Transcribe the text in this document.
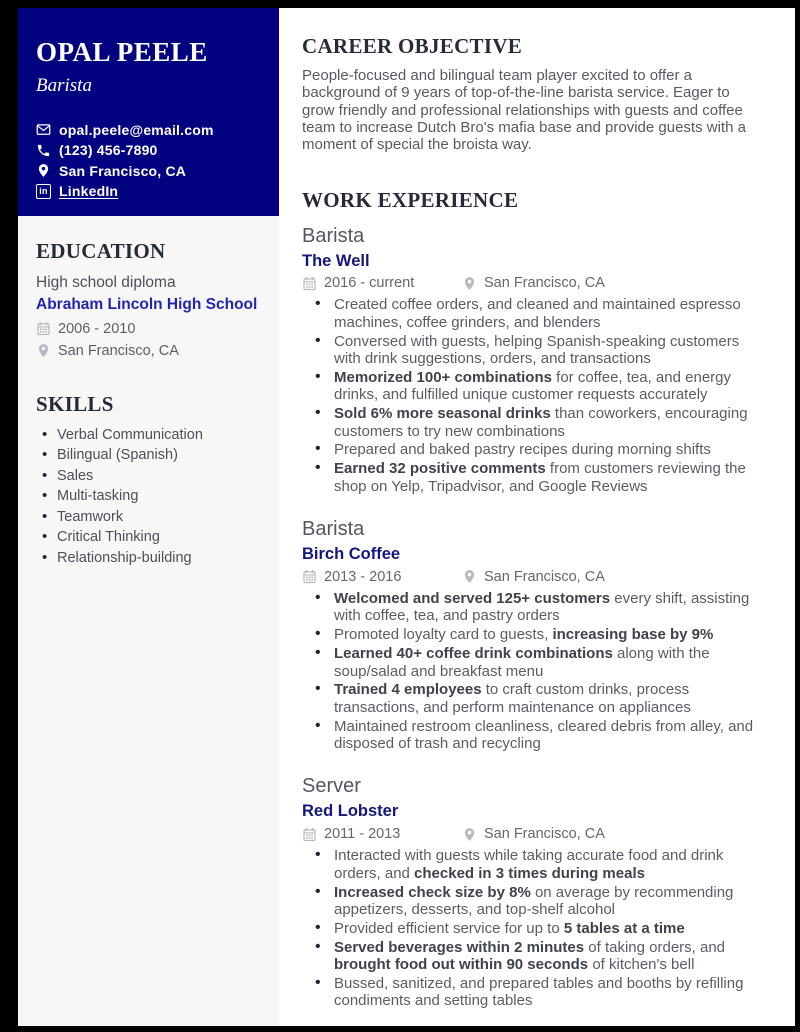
OPAL PEELE
Barista
opal.peele@email.com
(123) 456-7890
San Francisco, CA
in LinkedIn
EDUCATION
High school diploma
Abraham Lincoln High School
2006 - 2010
San Francisco, CA
SKILLS
• Verbal Communication
• Bilingual (Spanish)
• Sales
• Multi-tasking
• Teamwork
• Critical Thinking
• Relationship-building
CAREER OBJECTIVE
People-focused and bilingual team player excited to offer a background of 9 years of top-of-the-line barista service. Eager to grow friendly and professional relationships with guests and coffee team to increase Dutch Bro's mafia base and provide guests with a moment of special the broista way.
WORK EXPERIENCE
Barista
The Well
2016 - current	San Francisco, CA
• Created coffee orders, and cleaned and maintained espresso machines, coffee grinders, and blenders
• Conversed with guests, helping Spanish-speaking customers with drink suggestions, orders, and transactions
• Memorized 100+ combinations for coffee, tea, and energy drinks, and fulfilled unique customer requests accurately
• Sold 6% more seasonal drinks than coworkers, encouraging customers to try new combinations
• Prepared and baked pastry recipes during morning shifts
• Earned 32 positive comments from customers reviewing the shop on Yelp, Tripadvisor, and Google Reviews
Barista
Birch Coffee
2013 - 2016	San Francisco, CA
• Welcomed and served 125+ customers every shift, assisting with coffee, tea, and pastry orders
• Promoted loyalty card to guests, increasing base by 9%
• Learned 40+ coffee drink combinations along with the soup/salad and breakfast menu
• Trained 4 employees to craft custom drinks, process transactions, and perform maintenance on appliances
• Maintained restroom cleanliness, cleared debris from alley, and disposed of trash and recycling
Server
Red Lobster
2011 - 2013	San Francisco, CA
• Interacted with guests while taking accurate food and drink orders, and checked in 3 times during meals
• Increased check size by 8% on average by recommending appetizers, desserts, and top-shelf alcohol
• Provided efficient service for up to 5 tables at a time
• Served beverages within 2 minutes of taking orders, and brought food out within 90 seconds of kitchen's bell
• Bussed, sanitized, and prepared tables and booths by refilling condiments and setting tables
